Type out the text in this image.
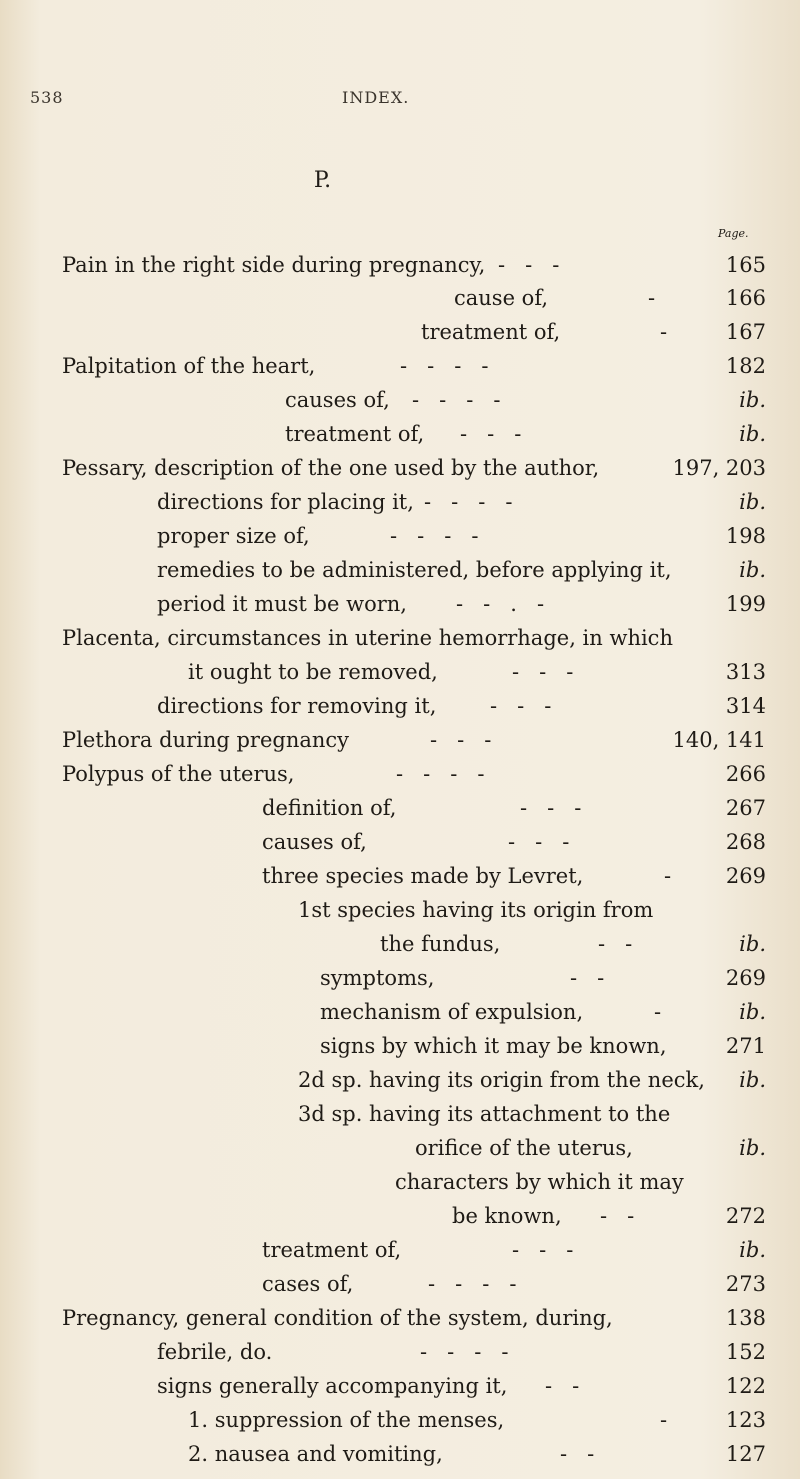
538	INDEX.
P.
Page.
Pain in the right side during pregnancy, -   -   -	165
cause of,	-	166
treatment of,	-	167
Palpitation of the heart,	-   -   -   -	182
causes of, -   -   -   -	ib.
treatment of, -   -   -	ib.
Pessary, description of the one used by the author,	197, 203
directions for placing it, -   -   -   -	ib.
proper size of,	-   -   -   -	198
remedies to be administered, before applying it,	ib.
period it must be worn, -   -   .   -	199
Placenta, circumstances in uterine hemorrhage, in which
it ought to be removed,	-   -   -	313
directions for removing it,	-   -   -	314
Plethora during pregnancy	-   -   -	140, 141
Polypus of the uterus,	-   -   -   -	266
definition of,	-   -   -	267
causes of,	-   -   -	268
three species made by Levret,	-	269
1st species having its origin from
the fundus,	-   -	ib.
symptoms,	-   -	269
mechanism of expulsion,	-	ib.
signs by which it may be known,	271
2d sp. having its origin from the neck, ib.
3d sp. having its attachment to the
orifice of the uterus,	ib.
characters by which it may
be known, -   -	272
treatment of,	-   -   -	ib.
cases of,	-   -   -   -	273
Pregnancy, general condition of the system, during,	138
febrile, do.	-   -   -   -	152
signs generally accompanying it, -   -	122
1. suppression of the menses,	-	123
2. nausea and vomiting,	-   -	127
